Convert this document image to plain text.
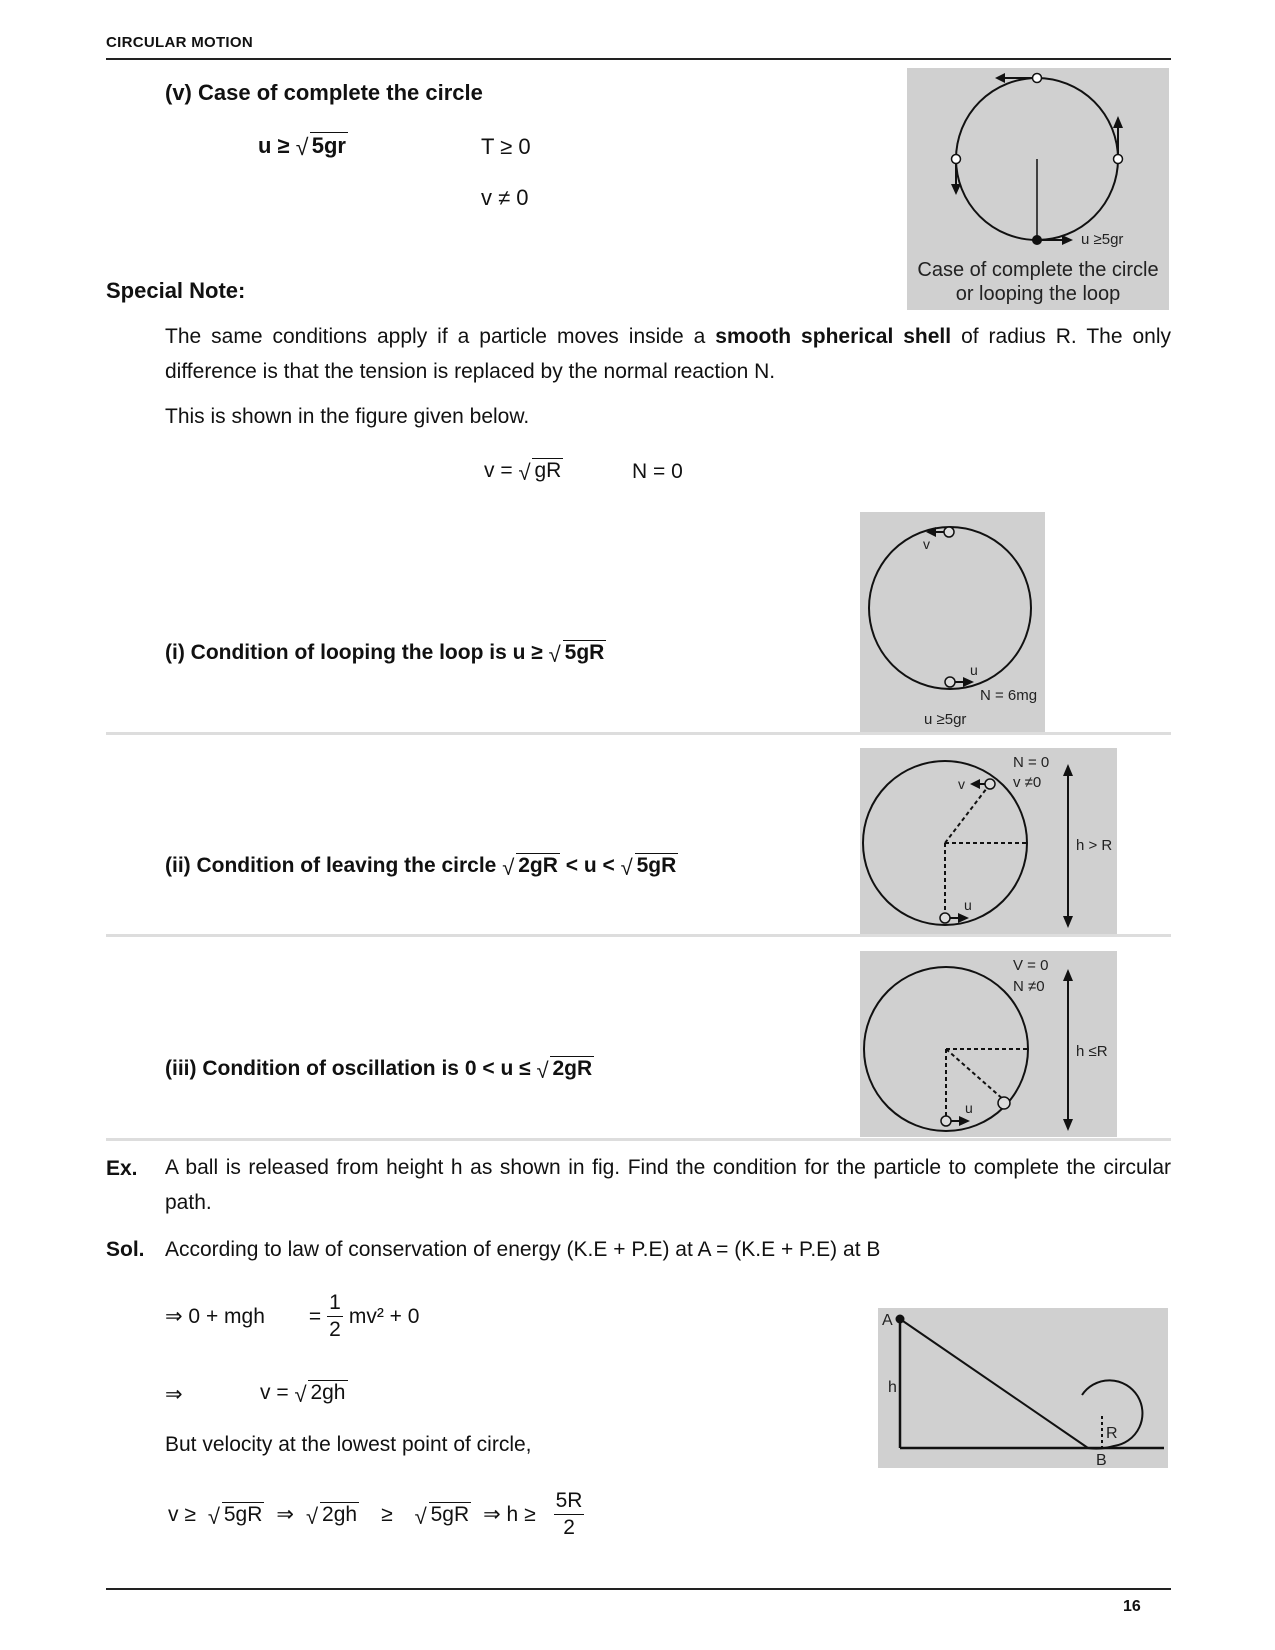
CIRCULAR MOTION
(v) Case of complete the circle
u ≥ √ 5gr	T ≥ 0
v ≠ 0
u ≥5gr
Case of complete the circle
or looping the loop
Special Note:
The same conditions apply if a particle moves inside a smooth spherical shell of radius R. The only difference is that the tension is replaced by the normal reaction N.
This is shown in the figure given below.
v = √ gR	N = 0
(i) Condition of looping the loop is u ≥ √ 5gR
v
u
N = 6mg
u ≥5gr
(ii) Condition of leaving the circle √ 2gR < u < √ 5gR
v
u
N = 0
v ≠0
h > R
(iii) Condition of oscillation is 0 < u ≤ √ 2gR
u
V = 0
N ≠0
h ≤R
Ex. A ball is released from height h as shown in fig. Find the condition for the particle to complete the circular path.
Sol. According to law of conservation of energy (K.E + P.E) at A = (K.E + P.E) at B
⇒ 0 + mgh = $\frac{1}{2} mv^2 + 0$
⇒	v = √ 2gh
But velocity at the lowest point of circle,
v ≥	√ 5gR ⇒	√ 2gh ≥	√ 5gR ⇒ $h \ge \frac{5R}{2}$
A
h
R
B
16
